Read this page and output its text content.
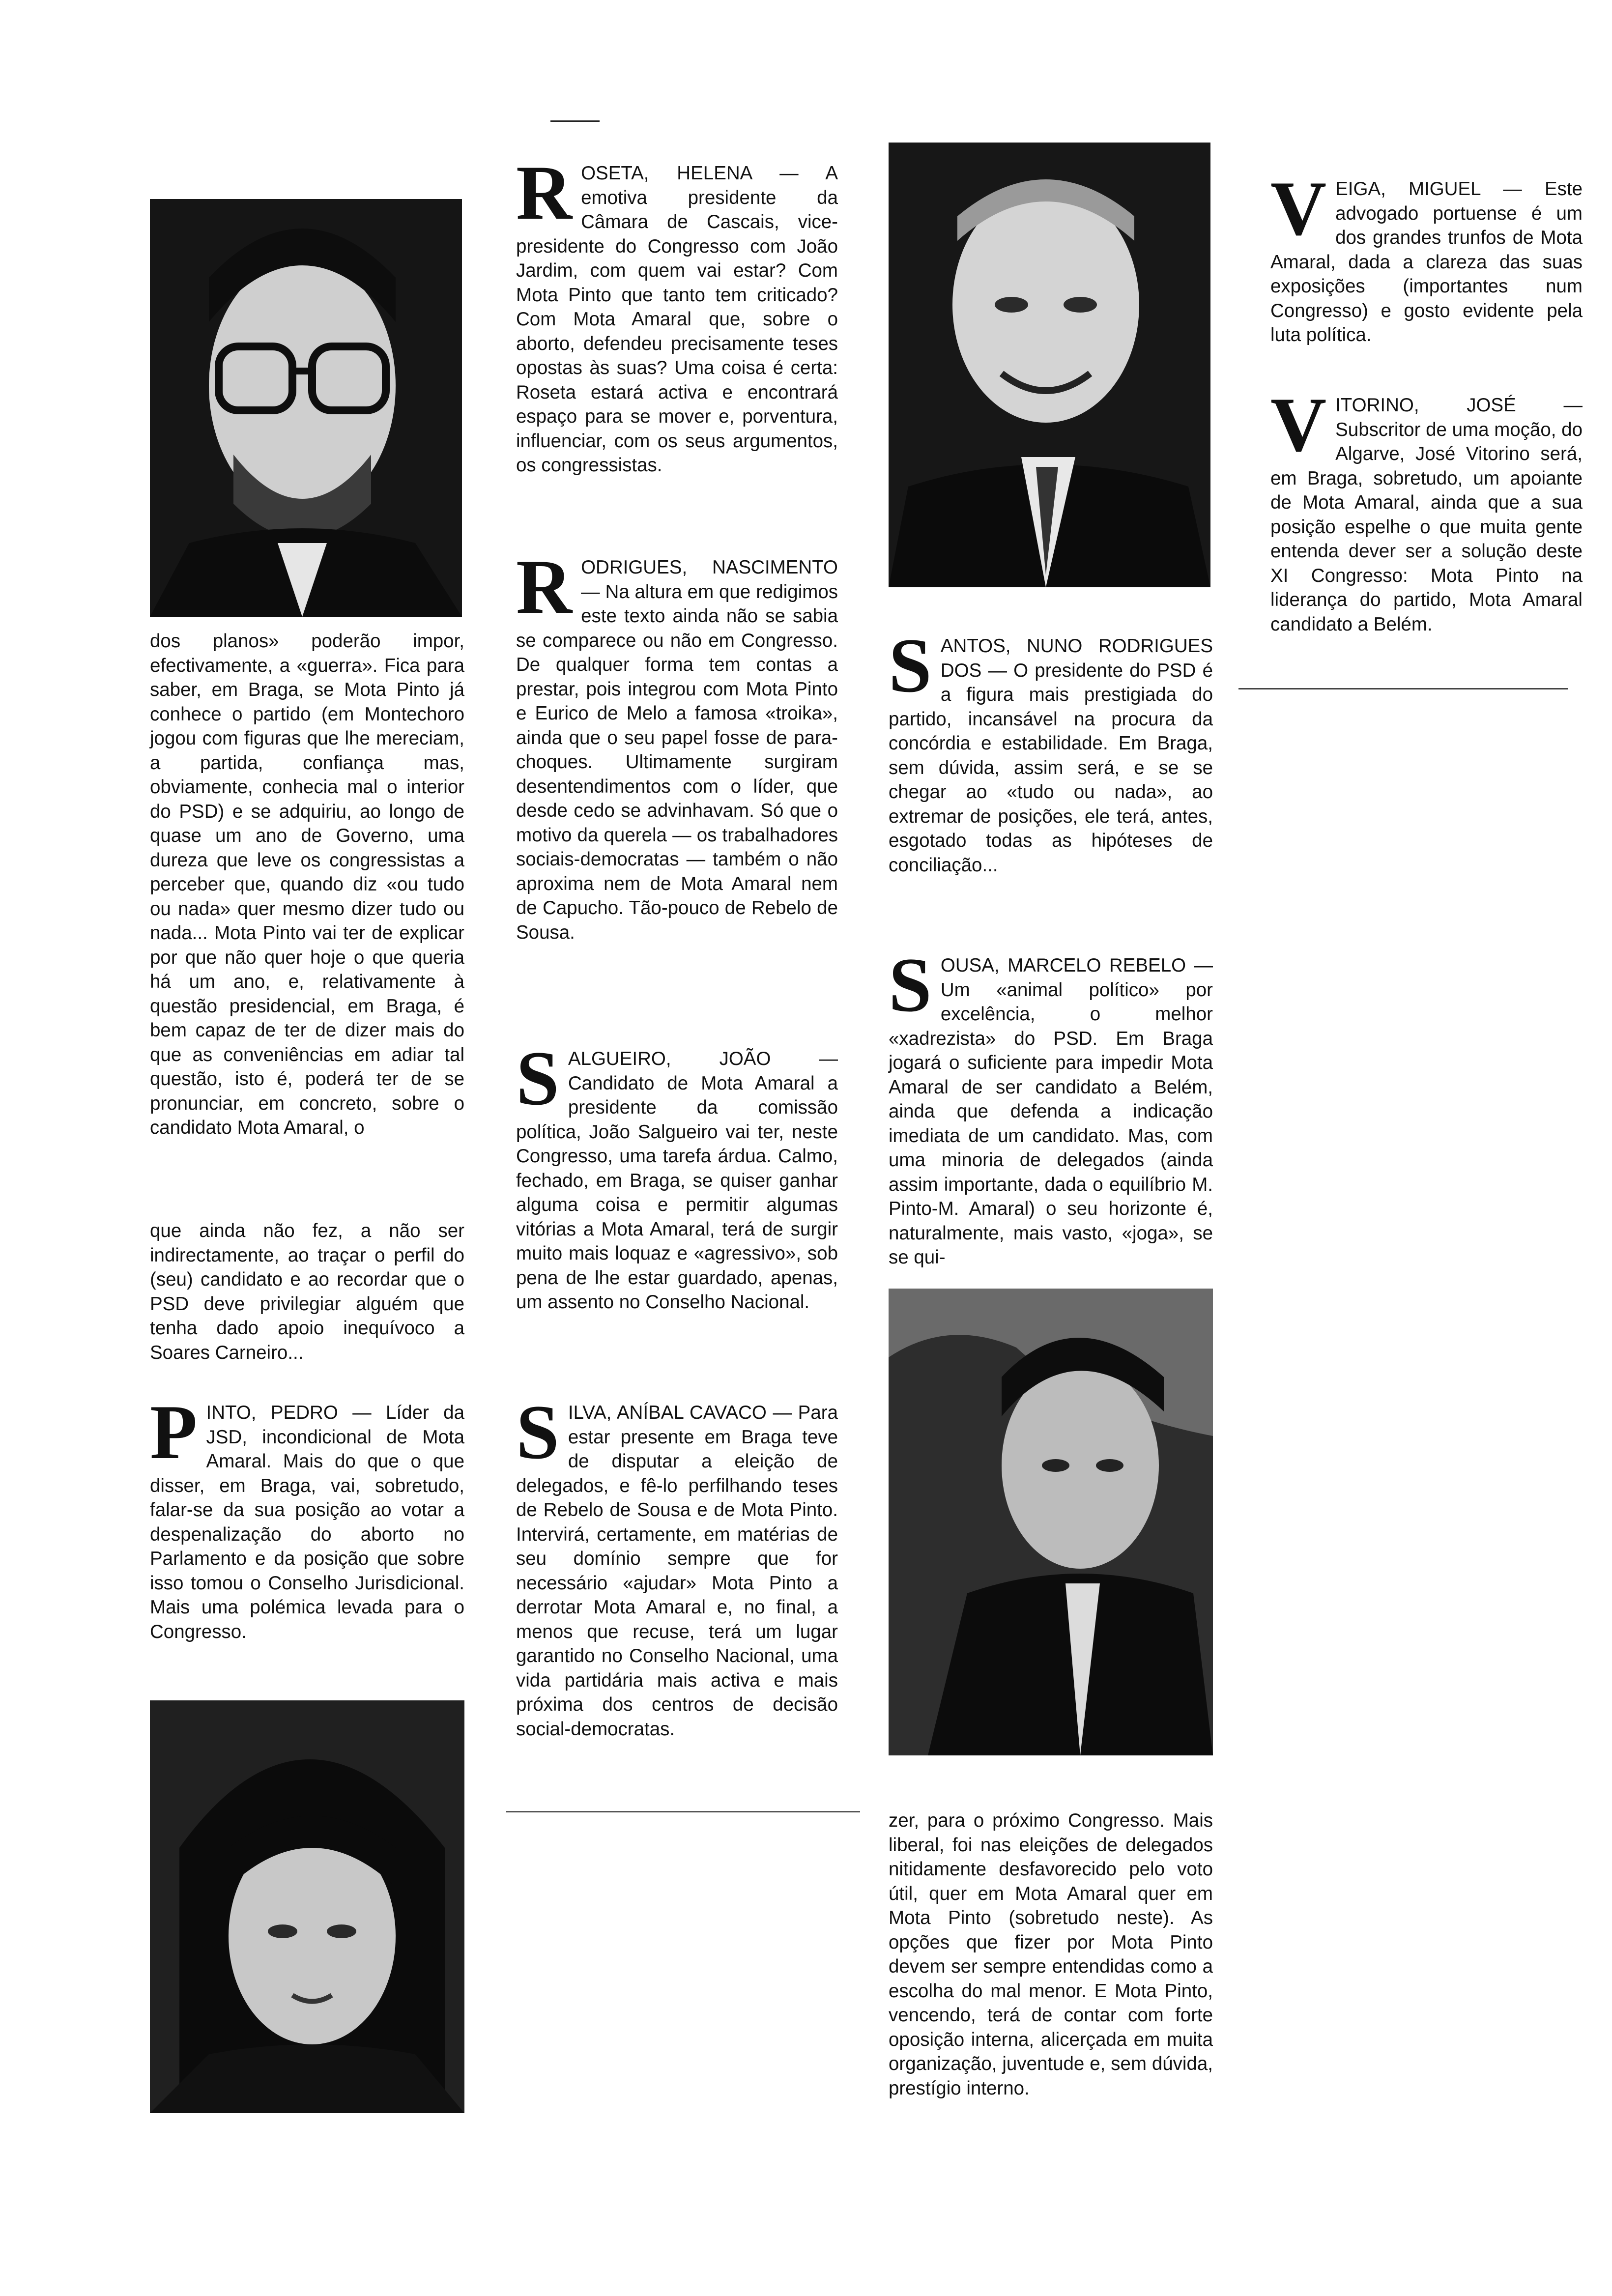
dos planos» poderão impor, efectivamente, a «guerra». Fica para saber, em Braga, se Mota Pinto já conhece o partido (em Montechoro jogou com figuras que lhe mereciam, a partida, confiança mas, obviamente, conhecia mal o interior do PSD) e se adquiriu, ao longo de quase um ano de Governo, uma dureza que leve os congressistas a perceber que, quando diz «ou tudo ou nada» quer mesmo dizer tudo ou nada... Mota Pinto vai ter de explicar por que não quer hoje o que queria há um ano, e, relativamente à questão presidencial, em Braga, é bem capaz de ter de dizer mais do que as conveniências em adiar tal questão, isto é, poderá ter de se pronunciar, em concreto, sobre o candidato Mota Amaral, o

que ainda não fez, a não ser indirectamente, ao traçar o perfil do (seu) candidato e ao recordar que o PSD deve privilegiar alguém que tenha dado apoio inequívoco a Soares Carneiro...

P INTO, PEDRO — Líder da JSD, incondicional de Mota Amaral. Mais do que o que disser, em Braga, vai, sobretudo, falar-se da sua posição ao votar a despenalização do aborto no Parlamento e da posição que sobre isso tomou o Conselho Jurisdicional. Mais uma polémica levada para o Congresso.

R OSETA, HELENA — A emotiva presidente da Câmara de Cascais, vice-presidente do Congresso com João Jardim, com quem vai estar? Com Mota Pinto que tanto tem criticado? Com Mota Amaral que, sobre o aborto, defendeu precisamente teses opostas às suas? Uma coisa é certa: Roseta estará activa e encontrará espaço para se mover e, porventura, influenciar, com os seus argumentos, os congressistas.

R ODRIGUES, NASCIMENTO — Na altura em que redigimos este texto ainda não se sabia se comparece ou não em Congresso. De qualquer forma tem contas a prestar, pois integrou com Mota Pinto e Eurico de Melo a famosa «troika», ainda que o seu papel fosse de para-choques. Ultimamente surgiram desentendimentos com o líder, que desde cedo se advinhavam. Só que o motivo da querela — os trabalhadores sociais-democratas — também o não aproxima nem de Mota Amaral nem de Capucho. Tão-pouco de Rebelo de Sousa.

S ALGUEIRO, JOÃO — Candidato de Mota Amaral a presidente da comissão política, João Salgueiro vai ter, neste Congresso, uma tarefa árdua. Calmo, fechado, em Braga, se quiser ganhar alguma coisa e permitir algumas vitórias a Mota Amaral, terá de surgir muito mais loquaz e «agressivo», sob pena de lhe estar guardado, apenas, um assento no Conselho Nacional.

S ILVA, ANÍBAL CAVACO — Para estar presente em Braga teve de disputar a eleição de delegados, e fê-lo perfilhando teses de Rebelo de Sousa e de Mota Pinto. Intervirá, certamente, em matérias de seu domínio sempre que for necessário «ajudar» Mota Pinto a derrotar Mota Amaral e, no final, a menos que recuse, terá um lugar garantido no Conselho Nacional, uma vida partidária mais activa e mais próxima dos centros de decisão social-democratas.

S ANTOS, NUNO RODRIGUES DOS — O presidente do PSD é a figura mais prestigiada do partido, incansável na procura da concórdia e estabilidade. Em Braga, sem dúvida, assim será, e se se chegar ao «tudo ou nada», ao extremar de posições, ele terá, antes, esgotado todas as hipóteses de conciliação...

S OUSA, MARCELO REBELO — Um «animal político» por excelência, o melhor «xadrezista» do PSD. Em Braga jogará o suficiente para impedir Mota Amaral de ser candidato a Belém, ainda que defenda a indicação imediata de um candidato. Mas, com uma minoria de delegados (ainda assim importante, dada o equilíbrio M. Pinto-M. Amaral) o seu horizonte é, naturalmente, mais vasto, «joga», se se qui-

zer, para o próximo Congresso. Mais liberal, foi nas eleições de delegados nitidamente desfavorecido pelo voto útil, quer em Mota Amaral quer em Mota Pinto (sobretudo neste). As opções que fizer por Mota Pinto devem ser sempre entendidas como a escolha do mal menor. E Mota Pinto, vencendo, terá de contar com forte oposição interna, alicerçada em muita organização, juventude e, sem dúvida, prestígio interno.

V EIGA, MIGUEL — Este advogado portuense é um dos grandes trunfos de Mota Amaral, dada a clareza das suas exposições (importantes num Congresso) e gosto evidente pela luta política.

V ITORINO, JOSÉ — Subscritor de uma moção, do Algarve, José Vitorino será, em Braga, sobretudo, um apoiante de Mota Amaral, ainda que a sua posição espelhe o que muita gente entenda dever ser a solução deste XI Congresso: Mota Pinto na liderança do partido, Mota Amaral candidato a Belém.
